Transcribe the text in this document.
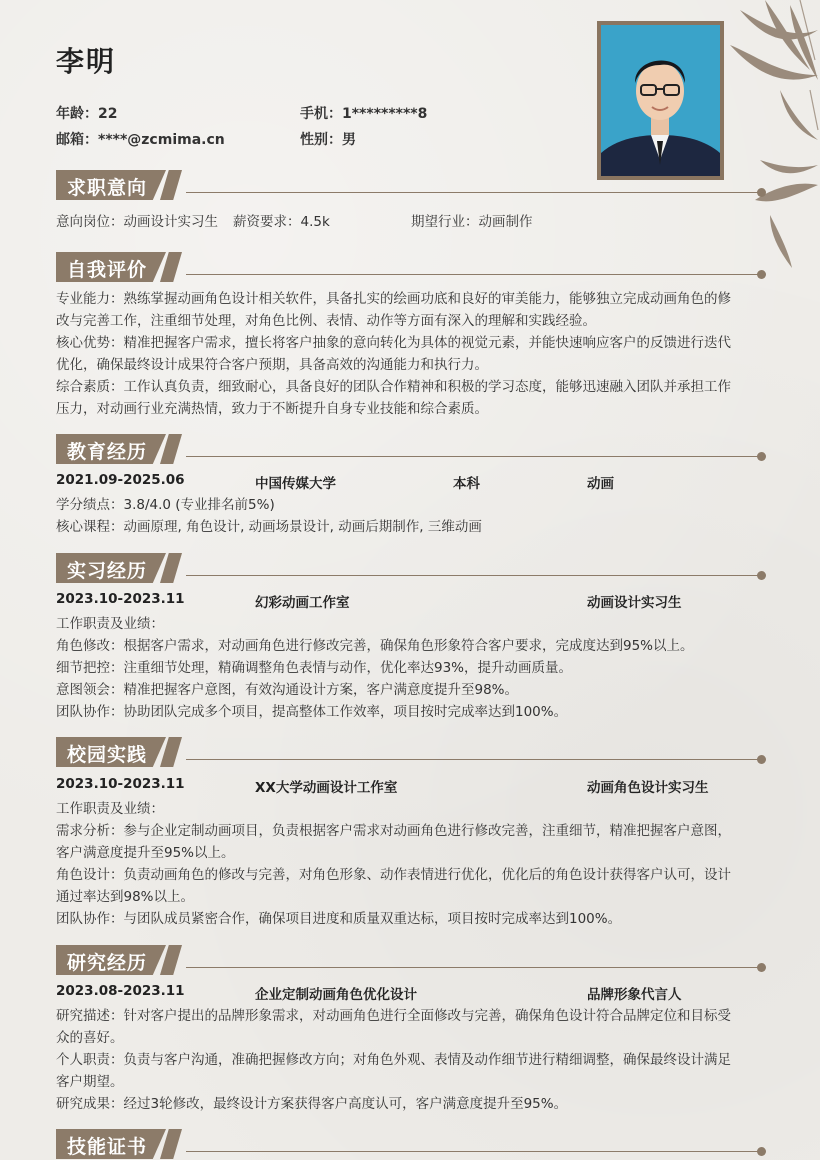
李明
年龄：22	手机：1*********8
邮箱：****@zcmima.cn	性别：男
求职意向
意向岗位：动画设计实习生 薪资要求：4.5k	期望行业：动画制作
自我评价
专业能力：熟练掌握动画角色设计相关软件，具备扎实的绘画功底和良好的审美能力，能够独立完成动画角色的修
改与完善工作，注重细节处理，对角色比例、表情、动作等方面有深入的理解和实践经验。
核心优势：精准把握客户需求，擅长将客户抽象的意向转化为具体的视觉元素，并能快速响应客户的反馈进行迭代
优化，确保最终设计成果符合客户预期，具备高效的沟通能力和执行力。
综合素质：工作认真负责，细致耐心，具备良好的团队合作精神和积极的学习态度，能够迅速融入团队并承担工作
压力，对动画行业充满热情，致力于不断提升自身专业技能和综合素质。
教育经历
2021.09-2025.06	中国传媒大学	本科	动画
学分绩点：3.8/4.0 (专业排名前5%)
核心课程：动画原理, 角色设计, 动画场景设计, 动画后期制作, 三维动画
实习经历
2023.10-2023.11	幻彩动画工作室	动画设计实习生
工作职责及业绩：
角色修改：根据客户需求，对动画角色进行修改完善，确保角色形象符合客户要求，完成度达到95%以上。
细节把控：注重细节处理，精确调整角色表情与动作，优化率达93%，提升动画质量。
意图领会：精准把握客户意图，有效沟通设计方案，客户满意度提升至98%。
团队协作：协助团队完成多个项目，提高整体工作效率，项目按时完成率达到100%。
校园实践
2023.10-2023.11	XX大学动画设计工作室	动画角色设计实习生
工作职责及业绩：
需求分析：参与企业定制动画项目，负责根据客户需求对动画角色进行修改完善，注重细节，精准把握客户意图，
客户满意度提升至95%以上。
角色设计：负责动画角色的修改与完善，对角色形象、动作表情进行优化，优化后的角色设计获得客户认可，设计
通过率达到98%以上。
团队协作：与团队成员紧密合作，确保项目进度和质量双重达标，项目按时完成率达到100%。
研究经历
2023.08-2023.11	企业定制动画角色优化设计	品牌形象代言人
研究描述：针对客户提出的品牌形象需求，对动画角色进行全面修改与完善，确保角色设计符合品牌定位和目标受
众的喜好。
个人职责：负责与客户沟通，准确把握修改方向；对角色外观、表情及动作细节进行精细调整，确保最终设计满足
客户期望。
研究成果：经过3轮修改，最终设计方案获得客户高度认可，客户满意度提升至95%。
技能证书
